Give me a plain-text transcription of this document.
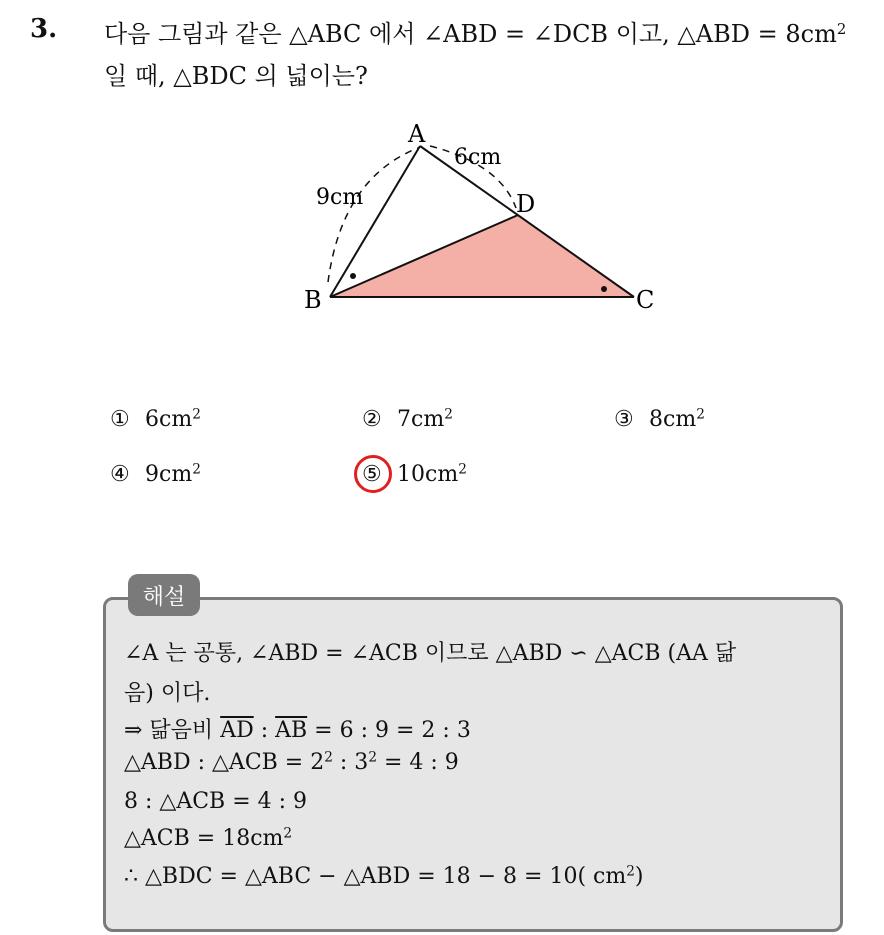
3. 다음 그림과 같은 △ABC 에서 ∠ABD = ∠DCB 이고, △ABD = $8cm^2$
일 때, △BDC 의 넓이는?
A
B	C
D
9cm
6cm
① $6cm^2$	② $7cm^2$	③ $8cm^2$
④ $9cm^2$	⑤ $10cm^2$
해설
∠A 는 공통, ∠ABD = ∠ACB 이므로 △ABD ∽ △ACB (AA 닮
음) 이다.
⇒ 닮음비 $\overline{AD}$ : $\overline{AB} = 6$ : 9 = 2 : 3
△ABD : △ACB = $2^2$ : $3^2 = 4$ : 9
8 : △ACB = 4 : 9
△ACB = $18cm^2$
∴ △BDC = △ABC − △ABD = 18 − 8 = 10( $cm^2$)
